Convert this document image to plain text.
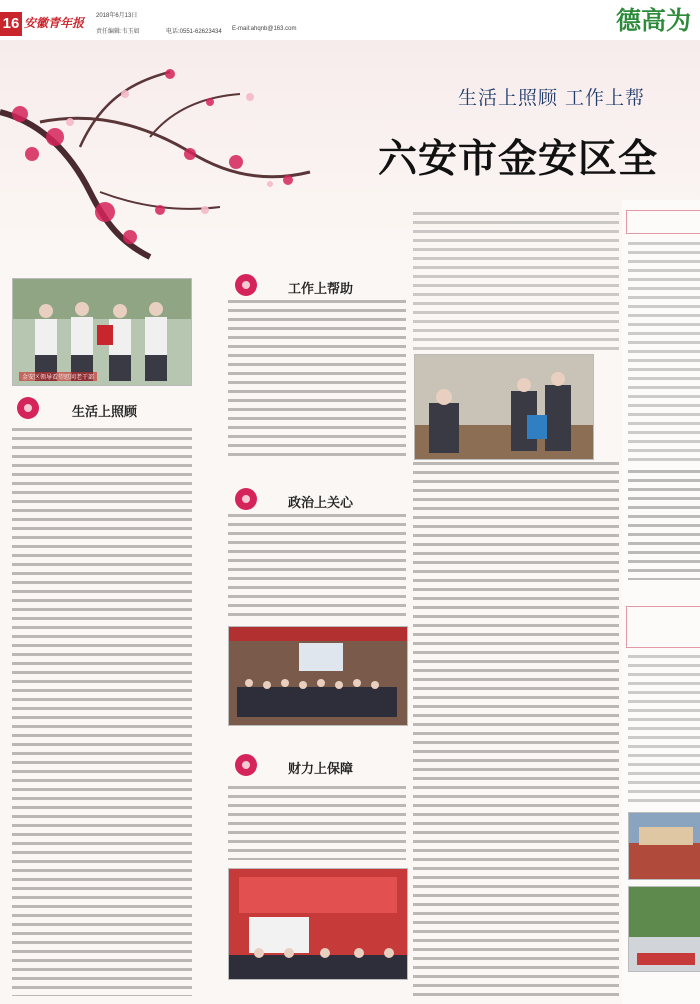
16 安徽青年报 2018年6月13日
责任编辑:韦玉如	电话:0551-62623434 E-mail:ahqnb@163.com	德高为
生活上照顾 工作上帮
六安市金安区全
金安区领导看望慰问老干部
生活上照顾
工作上帮助
政治上关心
财力上保障
